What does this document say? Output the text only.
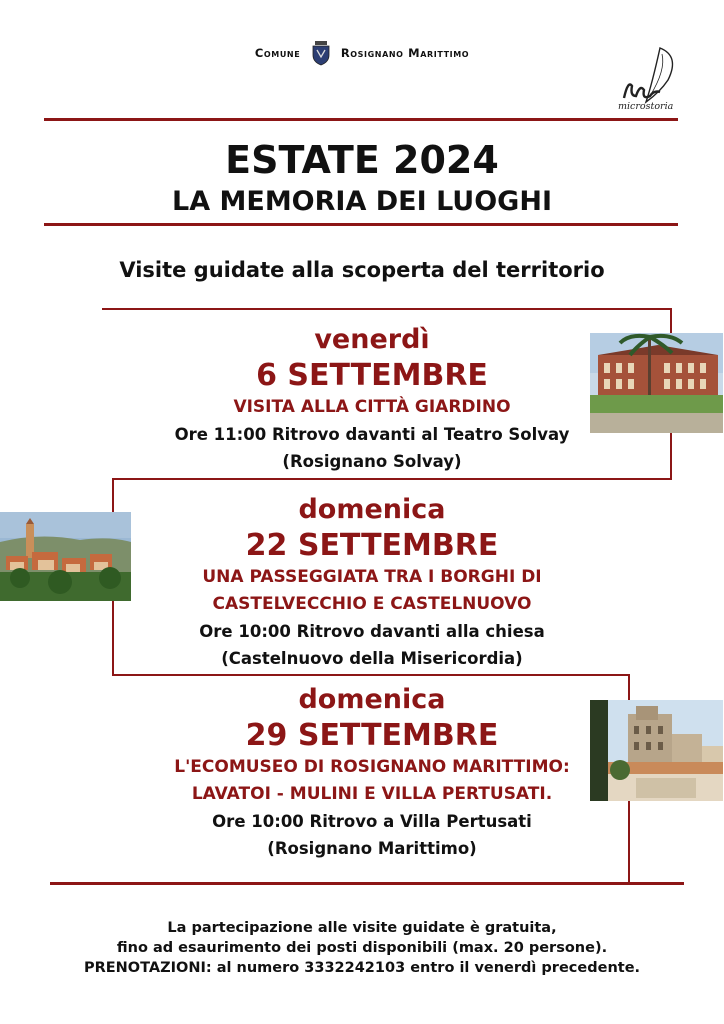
Comune	Rosignano Marittimo
microstoria
ESTATE 2024
LA MEMORIA DEI LUOGHI
Visite guidate alla scoperta del territorio
venerdì
6 SETTEMBRE
VISITA ALLA CITTÀ GIARDINO
Ore 11:00 Ritrovo davanti al Teatro Solvay
(Rosignano Solvay)
domenica
22 SETTEMBRE
UNA PASSEGGIATA TRA I BORGHI DI
CASTELVECCHIO E CASTELNUOVO
Ore 10:00 Ritrovo davanti alla chiesa
(Castelnuovo della Misericordia)
domenica
29 SETTEMBRE
L'ECOMUSEO DI ROSIGNANO MARITTIMO:
LAVATOI - MULINI E VILLA PERTUSATI.
Ore 10:00 Ritrovo a Villa Pertusati
(Rosignano Marittimo)
La partecipazione alle visite guidate è gratuita,
fino ad esaurimento dei posti disponibili (max. 20 persone).
PRENOTAZIONI: al numero 3332242103 entro il venerdì precedente.
